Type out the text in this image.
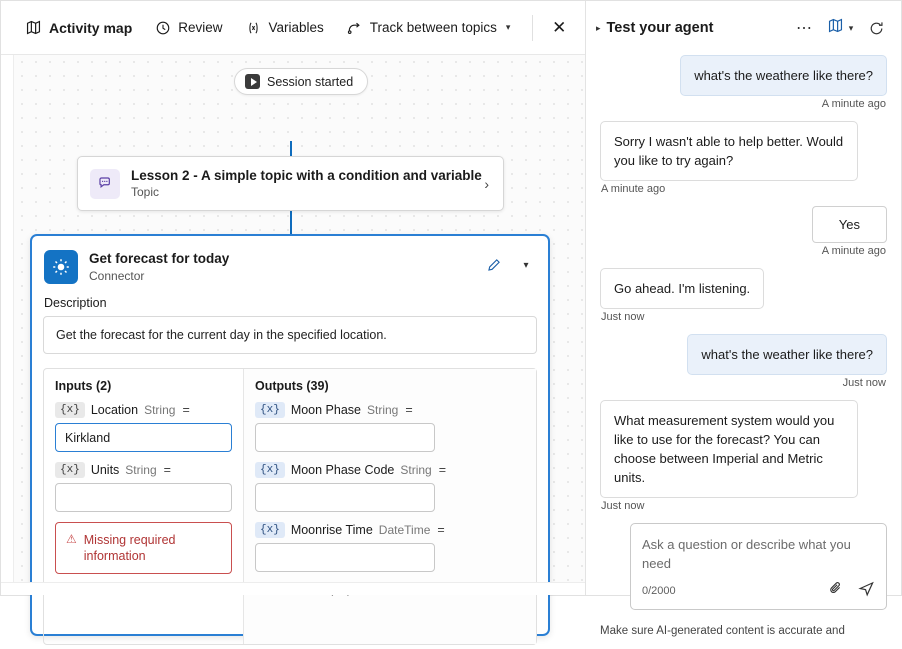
Activity map	Review	Variables	Track between topics ▾	✕
Session started
Lesson 2 - A simple topic with a condition and variable
Topic
›
Get forecast for today
Connector
▾
Description
Get the forecast for the current day in the specified location.
Inputs (2)
{x} Location String =
Kirkland
{x} Units String =
⚠ Missing required
information
Outputs (39)
{x} Moon Phase String =
{x} Moon Phase Code String =
{x} Moonrise Time DateTime =
▸ Test your agent	⋯	▾
what's the weathere like there?
A minute ago
Sorry I wasn't able to help better. Would you like to try again?
A minute ago
Yes
A minute ago
Go ahead. I'm listening.
Just now
what's the weather like there?
Just now
What measurement system would you like to use for the forecast? You can choose between Imperial and Metric units.
Just now
Ask a question or describe what you need
0/2000
Make sure AI-generated content is accurate and
